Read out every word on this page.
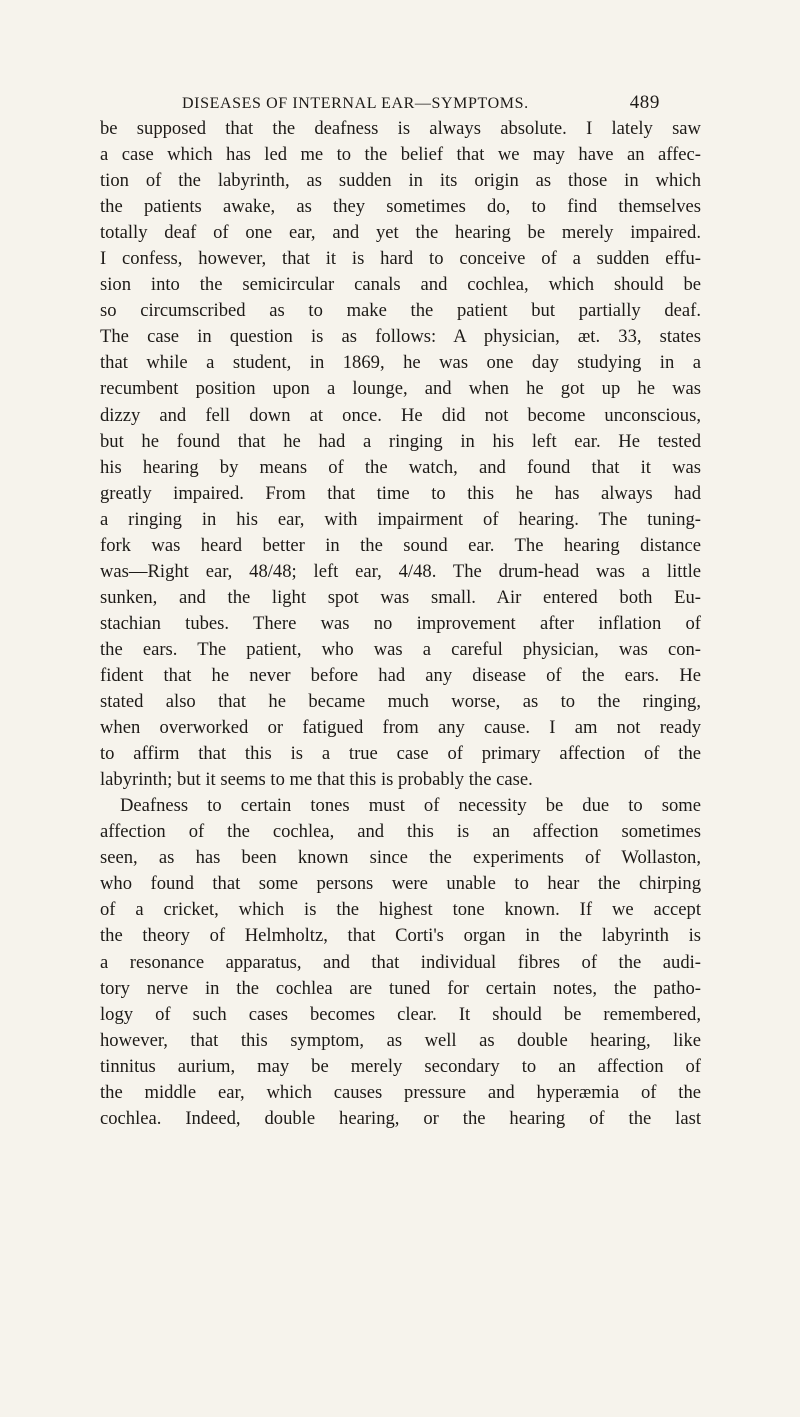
DISEASES OF INTERNAL EAR—SYMPTOMS.	489
be supposed that the deafness is always absolute. I lately saw
a case which has led me to the belief that we may have an affec-
tion of the labyrinth, as sudden in its origin as those in which
the patients awake, as they sometimes do, to find themselves
totally deaf of one ear, and yet the hearing be merely impaired.
I confess, however, that it is hard to conceive of a sudden effu-
sion into the semicircular canals and cochlea, which should be
so circumscribed as to make the patient but partially deaf.
The case in question is as follows: A physician, æt. 33, states
that while a student, in 1869, he was one day studying in a
recumbent position upon a lounge, and when he got up he was
dizzy and fell down at once. He did not become unconscious,
but he found that he had a ringing in his left ear. He tested
his hearing by means of the watch, and found that it was
greatly impaired. From that time to this he has always had
a ringing in his ear, with impairment of hearing. The tuning-
fork was heard better in the sound ear. The hearing distance
was—Right ear, 48/48; left ear, 4/48. The drum-head was a little
sunken, and the light spot was small. Air entered both Eu-
stachian tubes. There was no improvement after inflation of
the ears. The patient, who was a careful physician, was con-
fident that he never before had any disease of the ears. He
stated also that he became much worse, as to the ringing,
when overworked or fatigued from any cause. I am not ready
to affirm that this is a true case of primary affection of the
labyrinth; but it seems to me that this is probably the case.
Deafness to certain tones must of necessity be due to some
affection of the cochlea, and this is an affection sometimes
seen, as has been known since the experiments of Wollaston,
who found that some persons were unable to hear the chirping
of a cricket, which is the highest tone known. If we accept
the theory of Helmholtz, that Corti's organ in the labyrinth is
a resonance apparatus, and that individual fibres of the audi-
tory nerve in the cochlea are tuned for certain notes, the patho-
logy of such cases becomes clear. It should be remembered,
however, that this symptom, as well as double hearing, like
tinnitus aurium, may be merely secondary to an affection of
the middle ear, which causes pressure and hyperæmia of the
cochlea. Indeed, double hearing, or the hearing of the last
